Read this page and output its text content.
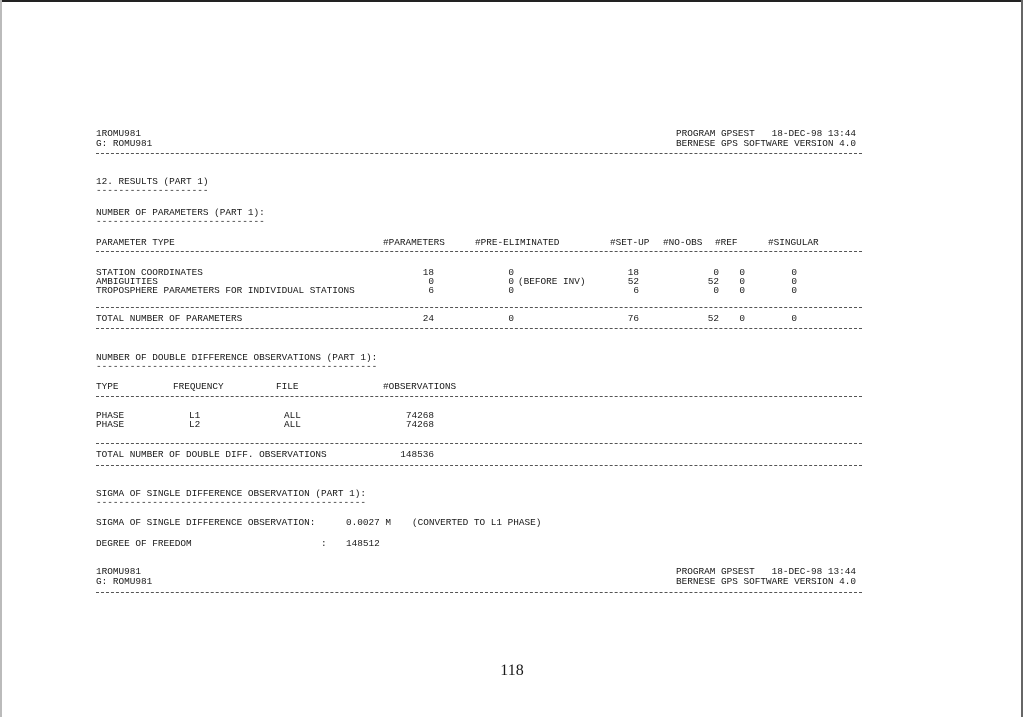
1ROMU981
G: ROMU981
PROGRAM GPSEST   18-DEC-98 13:44
BERNESE GPS SOFTWARE VERSION 4.0
12. RESULTS (PART 1)
--------------------
NUMBER OF PARAMETERS (PART 1):
------------------------------
PARAMETER TYPE	#PARAMETERS	#PRE-ELIMINATED	#SET-UP #NO-OBS #REF	#SINGULAR
STATION COORDINATES	18	0	18	0	0	0
AMBIGUITIES	0	0 (BEFORE INV)	52	52	0	0
TROPOSPHERE PARAMETERS FOR INDIVIDUAL STATIONS	6	0	6	0	0	0
TOTAL NUMBER OF PARAMETERS	24	0	76	52	0	0
NUMBER OF DOUBLE DIFFERENCE OBSERVATIONS (PART 1):
--------------------------------------------------
TYPE	FREQUENCY	FILE	#OBSERVATIONS
PHASE	L1	ALL	74268
PHASE	L2	ALL	74268
TOTAL NUMBER OF DOUBLE DIFF. OBSERVATIONS	148536
SIGMA OF SINGLE DIFFERENCE OBSERVATION (PART 1):
------------------------------------------------
SIGMA OF SINGLE DIFFERENCE OBSERVATION:	0.0027 M (CONVERTED TO L1 PHASE)
DEGREE OF FREEDOM	: 148512
1ROMU981
G: ROMU981
PROGRAM GPSEST   18-DEC-98 13:44
BERNESE GPS SOFTWARE VERSION 4.0
118
